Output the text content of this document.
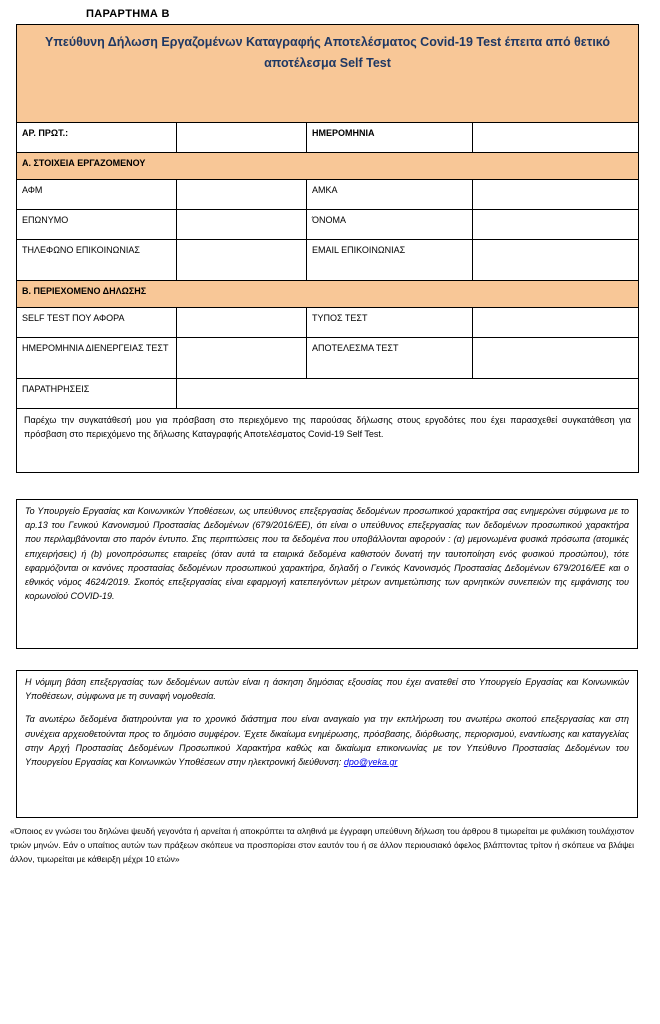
ΠΑΡΑΡΤΗΜΑ Β
Υπεύθυνη Δήλωση Εργαζομένων Καταγραφής Αποτελέσματος Covid-19 Test έπειτα από θετικό αποτέλεσμα Self Test			
ΑΡ. ΠΡΩΤ.:		ΗΜΕΡΟΜΗΝΙΑ	
Α. ΣΤΟΙΧΕΙΑ ΕΡΓΑΖΟΜΕΝΟΥ			
ΑΦΜ		ΑΜΚΑ	
ΕΠΩΝΥΜΟ		ΌΝΟΜΑ	
ΤΗΛΕΦΩΝΟ ΕΠΙΚΟΙΝΩΝΙΑΣ		EMAIL ΕΠΙΚΟΙΝΩΝΙΑΣ	
Β. ΠΕΡΙΕΧΟΜΕΝΟ ΔΗΛΩΣΗΣ			
SELF TEST ΠΟΥ ΑΦΟΡΑ		ΤΥΠΟΣ ΤΕΣΤ	
ΗΜΕΡΟΜΗΝΙΑ ΔΙΕΝΕΡΓΕΙΑΣ ΤΕΣΤ		ΑΠΟΤΕΛΕΣΜΑ ΤΕΣΤ	
ΠΑΡΑΤΗΡΗΣΕΙΣ			
Παρέχω την συγκατάθεσή μου για πρόσβαση στο περιεχόμενο της παρούσας δήλωσης στους εργοδότες που έχει παρασχεθεί συγκατάθεση για πρόσβαση στο περιεχόμενο της δήλωσης Καταγραφής Αποτελέσματος Covid-19 Self Test.			
Το Υπουργείο Εργασίας και Κοινωνικών Υποθέσεων, ως υπεύθυνος επεξεργασίας δεδομένων προσωπικού χαρακτήρα σας ενημερώνει σύμφωνα με το αρ.13 του Γενικού Κανονισμού Προστασίας Δεδομένων (679/2016/ΕΕ), ότι είναι ο υπεύθυνος επεξεργασίας των δεδομένων προσωπικού χαρακτήρα που περιλαμβάνονται στο παρόν έντυπο. Στις περιπτώσεις που τα δεδομένα που υποβάλλονται αφορούν : (α) μεμονωμένα φυσικά πρόσωπα (ατομικές επιχειρήσεις) ή (b) μονοπρόσωπες εταιρείες (όταν αυτά τα εταιρικά δεδομένα καθιστούν δυνατή την ταυτοποίηση ενός φυσικού προσώπου), τότε εφαρμόζονται οι κανόνες προστασίας δεδομένων προσωπικού χαρακτήρα, δηλαδή ο Γενικός Κανονισμός Προστασίας Δεδομένων 679/2016/ΕΕ και ο εθνικός νόμος 4624/2019. Σκοπός επεξεργασίας είναι εφαρμογή κατεπειγόντων μέτρων αντιμετώπισης των αρνητικών συνεπειών της εμφάνισης του κορωνοϊού COVID-19.

Η νόμιμη βάση επεξεργασίας των δεδομένων αυτών είναι η άσκηση δημόσιας εξουσίας που έχει ανατεθεί στο Υπουργείο Εργασίας και Κοινωνικών Υποθέσεων, σύμφωνα με τη συναφή νομοθεσία.

Τα ανωτέρω δεδομένα διατηρούνται για το χρονικό διάστημα που είναι αναγκαίο για την εκπλήρωση του ανωτέρω σκοπού επεξεργασίας και στη συνέχεια αρχειοθετούνται προς το δημόσιο συμφέρον. Έχετε δικαίωμα ενημέρωσης, πρόσβασης, διόρθωσης, περιορισμού, εναντίωσης και καταγγελίας στην Αρχή Προστασίας Δεδομένων Προσωπικού Χαρακτήρα καθώς και δικαίωμα επικοινωνίας με τον Υπεύθυνο Προστασίας Δεδομένων του Υπουργείου Εργασίας και Κοινωνικών Υποθέσεων στην ηλεκτρονική διεύθυνση: dpo@yeka.gr

«Όποιος εν γνώσει του δηλώνει ψευδή γεγονότα ή αρνείται ή αποκρύπτει τα αληθινά με έγγραφη υπεύθυνη δήλωση του άρθρου 8 τιμωρείται με φυλάκιση τουλάχιστον τριών μηνών. Εάν ο υπαίτιος αυτών των πράξεων σκόπευε να προσπορίσει στον εαυτόν του ή σε άλλον περιουσιακό όφελος βλάπτοντας τρίτον ή σκόπευε να βλάψει άλλον, τιμωρείται με κάθειρξη μέχρι 10 ετών»
